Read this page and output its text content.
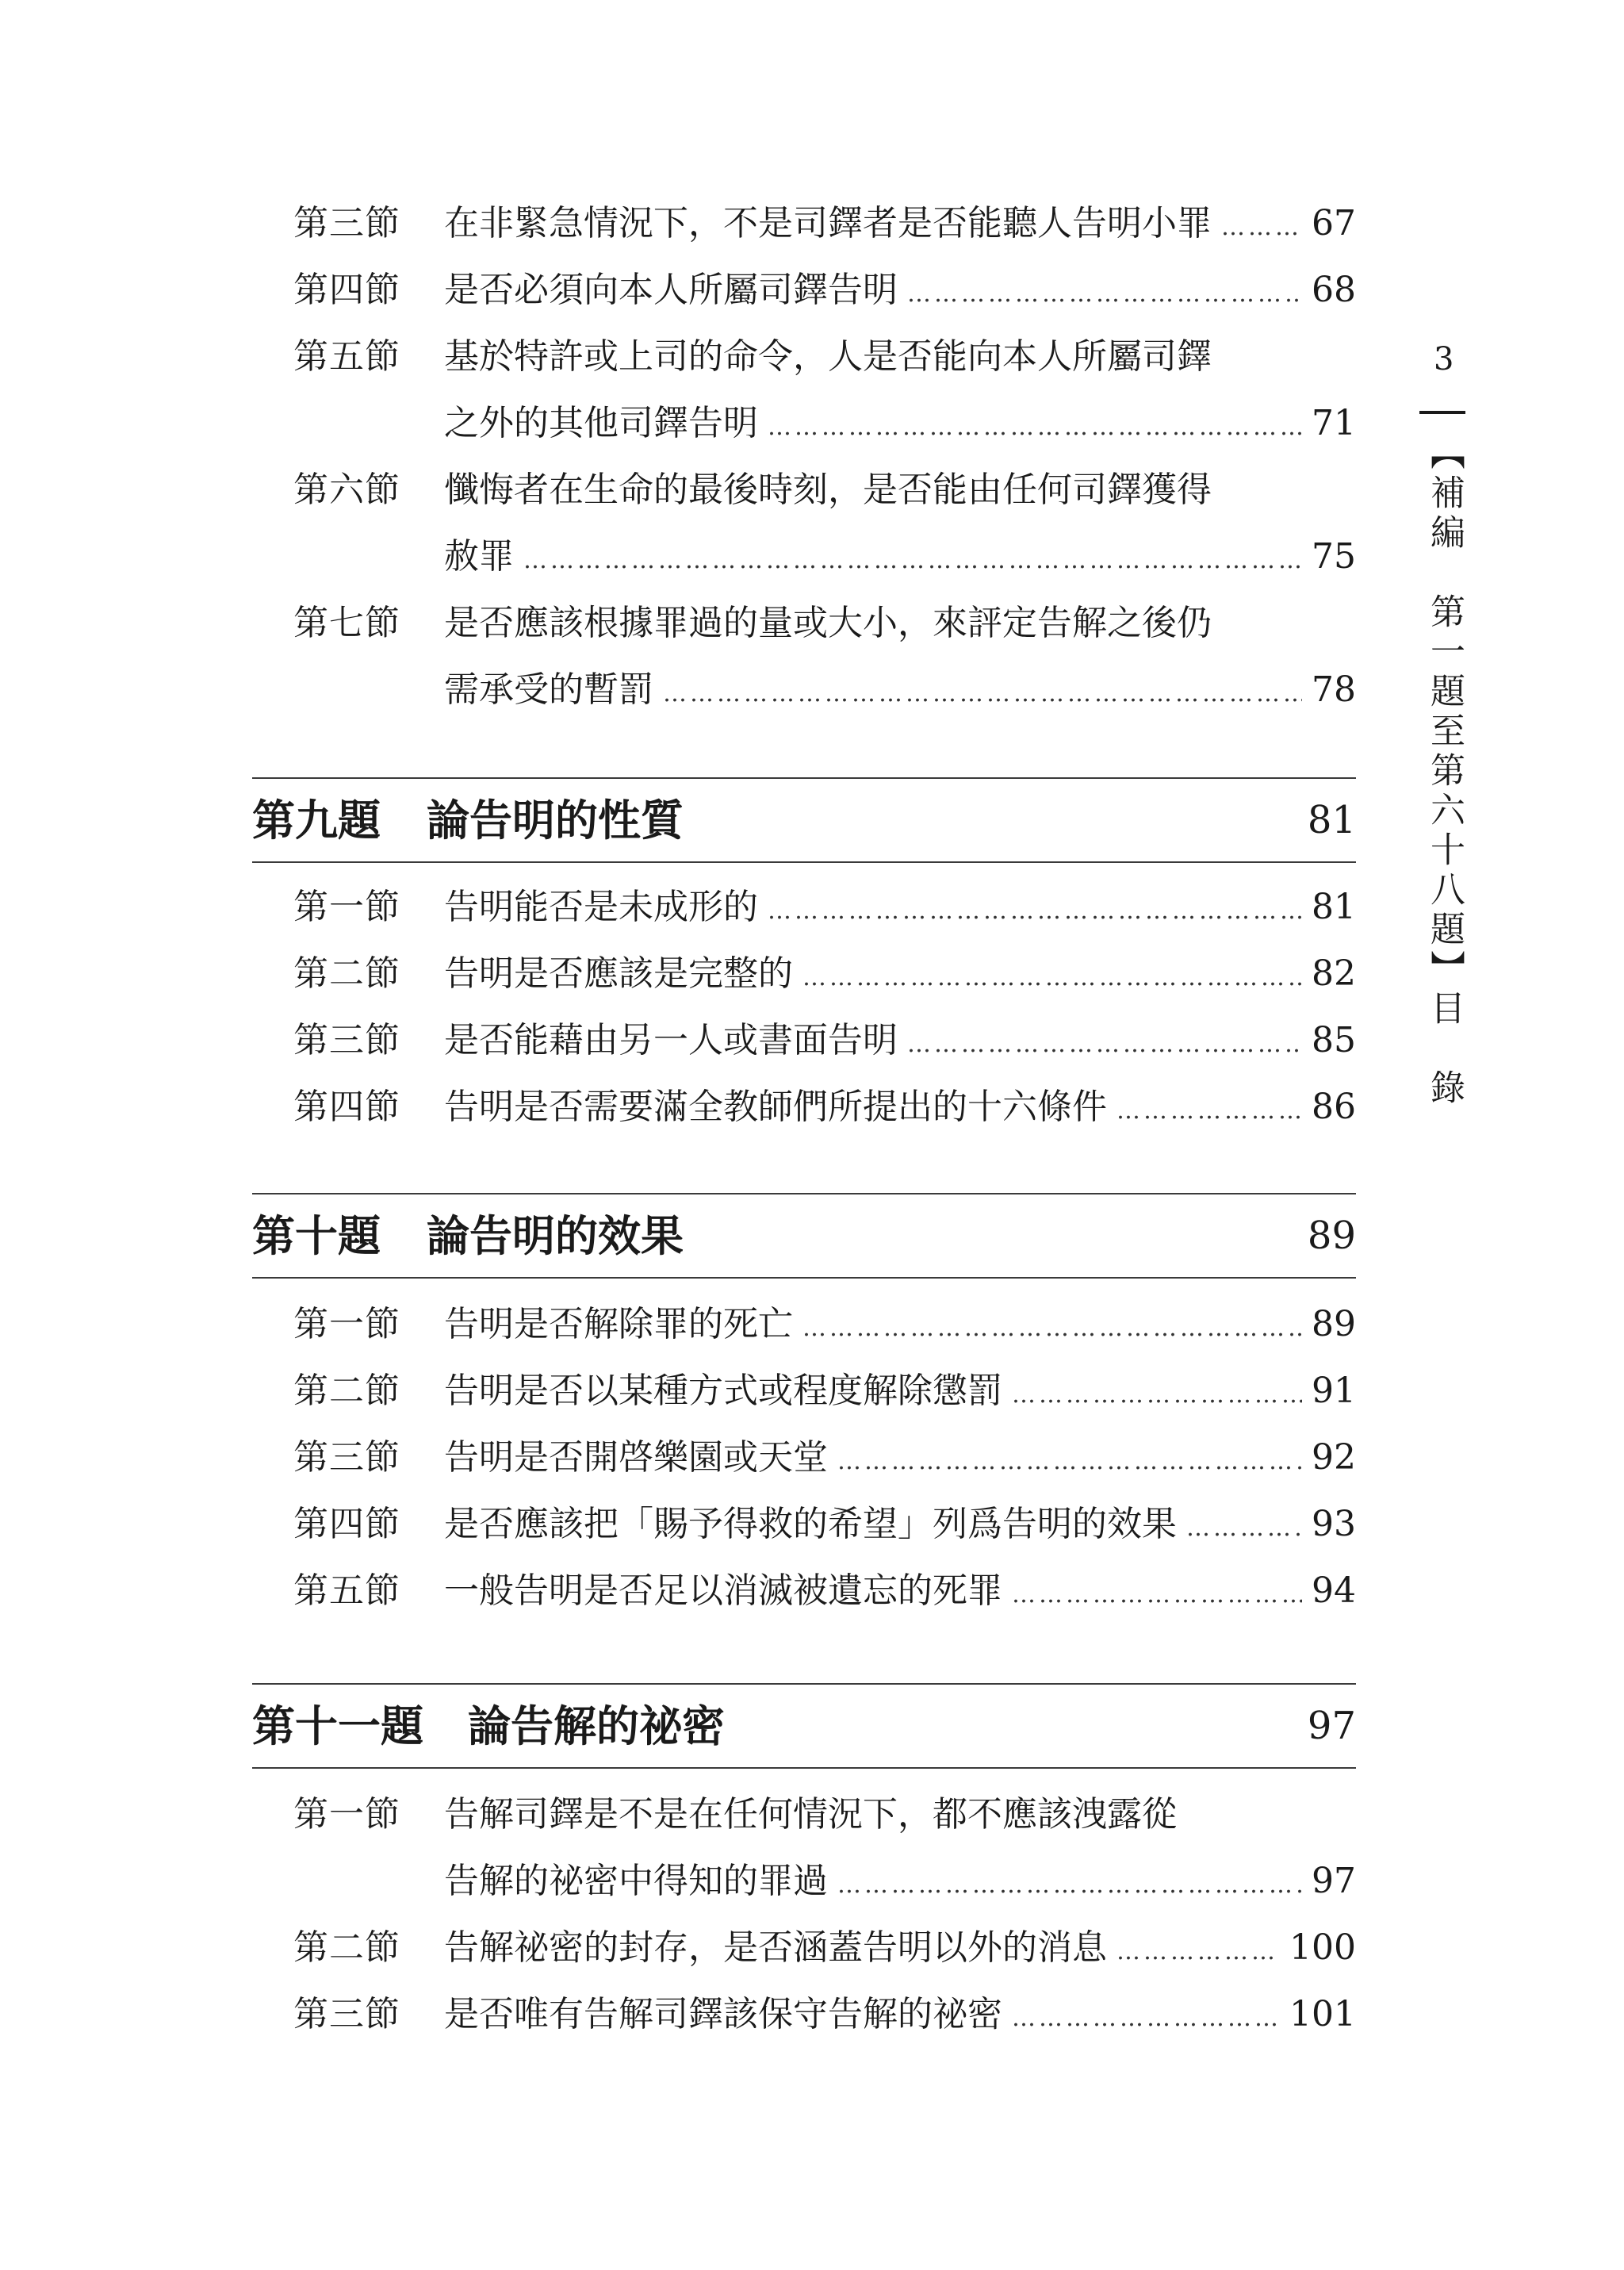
第三節	在非緊急情況下，不是司鐸者是否能聽人告明小罪 …………………………………………………………………………………………………………………………	67
第四節	是否必須向本人所屬司鐸告明 …………………………………………………………………………………………………………………………	68
第五節	基於特許或上司的命令，人是否能向本人所屬司鐸
之外的其他司鐸告明 …………………………………………………………………………………………………………………………	71
第六節	懺悔者在生命的最後時刻，是否能由任何司鐸獲得
赦罪 …………………………………………………………………………………………………………………………	75
第七節	是否應該根據罪過的量或大小，來評定告解之後仍
需承受的暫罰 …………………………………………………………………………………………………………………………	78
第九題 論告明的性質	81
第一節	告明能否是未成形的 …………………………………………………………………………………………………………………………	81
第二節	告明是否應該是完整的 …………………………………………………………………………………………………………………………	82
第三節	是否能藉由另一人或書面告明 …………………………………………………………………………………………………………………………	85
第四節	告明是否需要滿全教師們所提出的十六條件 …………………………………………………………………………………………………………………………	86
第十題 論告明的效果	89
第一節	告明是否解除罪的死亡 …………………………………………………………………………………………………………………………	89
第二節	告明是否以某種方式或程度解除懲罰 …………………………………………………………………………………………………………………………	91
第三節	告明是否開啓樂園或天堂 …………………………………………………………………………………………………………………………	92
第四節	是否應該把「賜予得救的希望」列爲告明的效果 …………………………………………………………………………………………………………………………	93
第五節	一般告明是否足以消滅被遺忘的死罪 …………………………………………………………………………………………………………………………	94
第十一題 論告解的祕密	97
第一節	告解司鐸是不是在任何情況下，都不應該洩露從
告解的祕密中得知的罪過 …………………………………………………………………………………………………………………………	97
第二節	告解祕密的封存，是否涵蓋告明以外的消息 …………………………………………………………………………………………………………………………	100
第三節	是否唯有告解司鐸該保守告解的祕密 …………………………………………………………………………………………………………………………	101
3
【補編　第一題至第六十八題】目　錄
